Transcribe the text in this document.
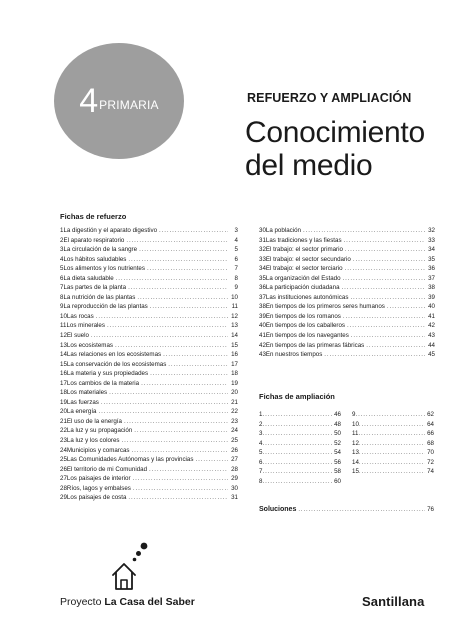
4 PRIMARIA	REFUERZO Y AMPLIACIÓN
Conocimiento
del medio
Fichas de refuerzo
1 La digestión y el aparato digestivo .....	3
2 El aparato respiratorio .....	4
3 La circulación de la sangre .....	5
4 Los hábitos saludables .....	6
5 Los alimentos y los nutrientes .....	7
6 La dieta saludable .....	8
7 Las partes de la planta .....	9
8 La nutrición de las plantas .....	10
9 La reproducción de las plantas .....	11
10 Las rocas .....	12
11 Los minerales .....	13
12 El suelo .....	14
13 Los ecosistemas .....	15
14 Las relaciones en los ecosistemas .....	16
15 La conservación de los ecosistemas .....	17
16 La materia y sus propiedades .....	18
17 Los cambios de la materia .....	19
18 Los materiales .....	20
19 Las fuerzas .....	21
20 La energía .....	22
21 El uso de la energía .....	23
22 La luz y su propagación .....	24
23 La luz y los colores .....	25
24 Municipios y comarcas .....	26
25 Las Comunidades Autónomas y las provincias .....	27
26 El territorio de mi Comunidad .....	28
27 Los paisajes de interior .....	29
28 Ríos, lagos y embalses .....	30
29 Los paisajes de costa .....	31
30 La población .....	32
31 Las tradiciones y las fiestas .....	33
32 El trabajo: el sector primario .....	34
33 El trabajo: el sector secundario .....	35
34 El trabajo: el sector terciario .....	36
35 La organización del Estado .....	37
36 La participación ciudadana .....	38
37 Las instituciones autonómicas .....	39
38 En tiempos de los primeros seres humanos .....	40
39 En tiempos de los romanos .....	41
40 En tiempos de los caballeros .....	42
41 En tiempos de los navegantes .....	43
42 En tiempos de las primeras fábricas .....	44
43 En nuestros tiempos .....	45
Fichas de ampliación
1 .....	46
2 .....	48
3 .....	50
4 .....	52
5 .....	54
6 .....	56
7 .....	58
8 .....	60
9 .....	62
10 .....	64
11 .....	66
12 .....	68
13 .....	70
14 .....	72
15 .....	74
Soluciones .....	76
Proyecto La Casa del Saber	Santillana
